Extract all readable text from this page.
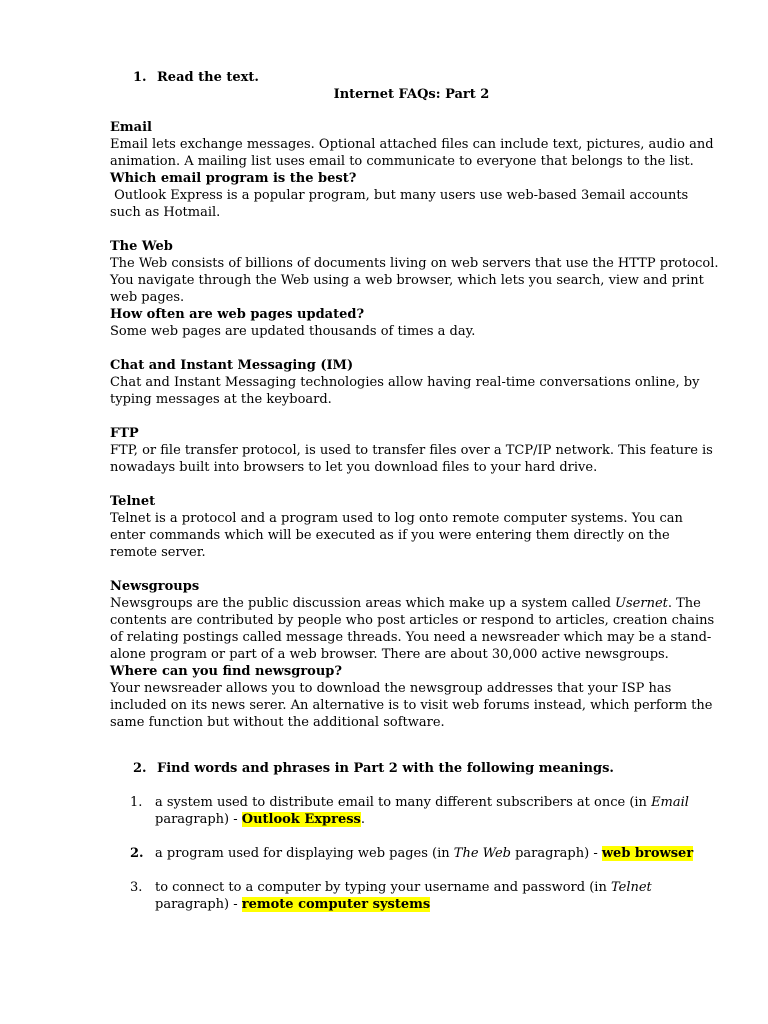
1. Read the text.
Internet FAQs: Part 2

Email

Email lets exchange messages. Optional attached files can include text, pictures, audio and animation. A mailing list uses email to communicate to everyone that belongs to the list.

Which email program is the best?

Outlook Express is a popular program, but many users use web-based 3email accounts such as Hotmail.

The Web

The Web consists of billions of documents living on web servers that use the HTTP protocol. You navigate through the Web using a web browser, which lets you search, view and print web pages.

How often are web pages updated?

Some web pages are updated thousands of times a day.

Chat and Instant Messaging (IM)

Chat and Instant Messaging technologies allow having real-time conversations online, by typing messages at the keyboard.

FTP

FTP, or file transfer protocol, is used to transfer files over a TCP/IP network. This feature is nowadays built into browsers to let you download files to your hard drive.

Telnet

Telnet is a protocol and a program used to log onto remote computer systems. You can enter commands which will be executed as if you were entering them directly on the remote server.

Newsgroups

Newsgroups are the public discussion areas which make up a system called Usernet. The contents are contributed by people who post articles or respond to articles, creation chains of relating postings called message threads. You need a newsreader which may be a stand-alone program or part of a web browser. There are about 30,000 active newsgroups.

Where can you find newsgroup?

Your newsreader allows you to download the newsgroup addresses that your ISP has included on its news serer. An alternative is to visit web forums instead, which perform the same function but without the additional software.

2. Find words and phrases in Part 2 with the following meanings.
1. a system used to distribute email to many different subscribers at once (in Email paragraph) - Outlook Express.
2. a program used for displaying web pages (in The Web paragraph) - web browser
3. to connect to a computer by typing your username and password (in Telnet paragraph) - remote computer systems
